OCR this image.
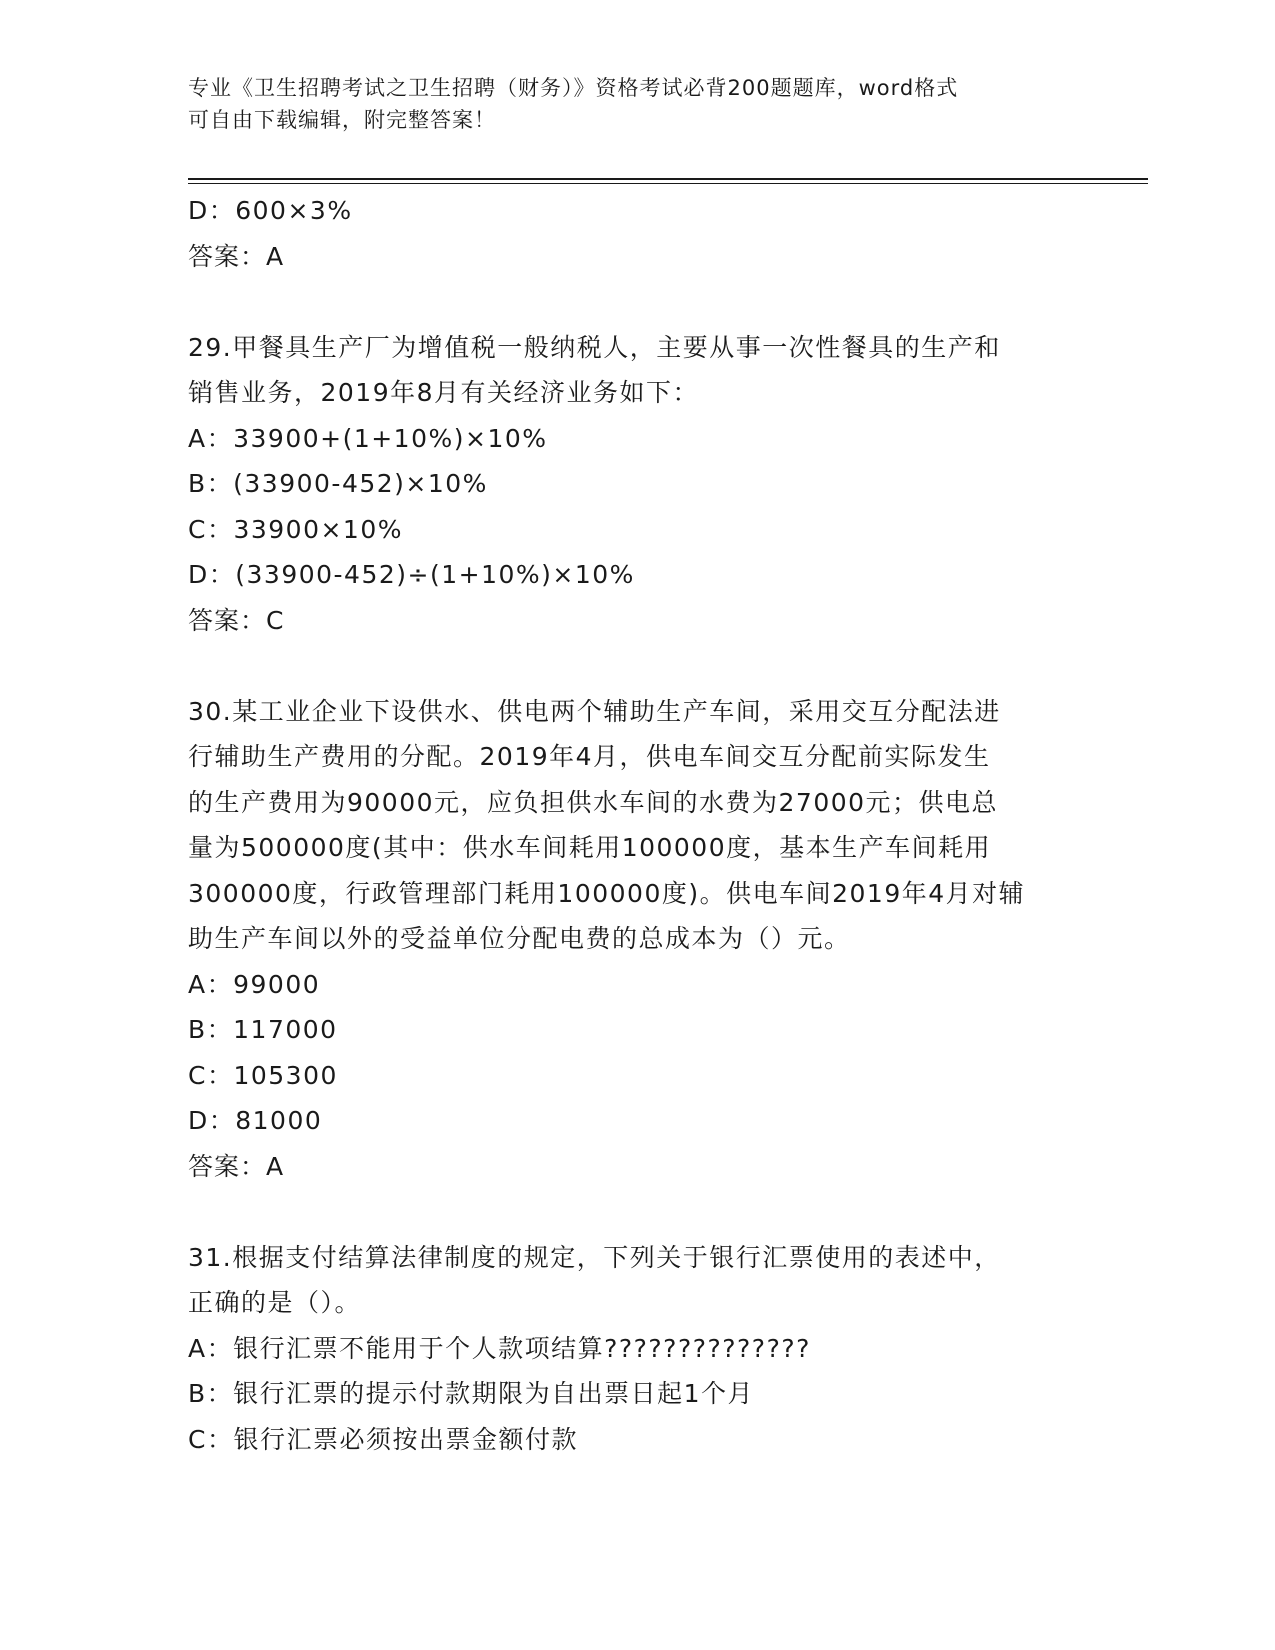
专业《卫生招聘考试之卫生招聘（财务）》资格考试必背200题题库，word格式
可自由下载编辑，附完整答案！
D：600×3%
答案：A
29.甲餐具生产厂为增值税一般纳税人，主要从事一次性餐具的生产和
销售业务，2019年8月有关经济业务如下：
A：33900+(1+10%)×10%
B：(33900-452)×10%
C：33900×10%
D：(33900-452)÷(1+10%)×10%
答案：C
30.某工业企业下设供水、供电两个辅助生产车间，采用交互分配法进
行辅助生产费用的分配。2019年4月，供电车间交互分配前实际发生
的生产费用为90000元，应负担供水车间的水费为27000元；供电总
量为500000度(其中：供水车间耗用100000度，基本生产车间耗用
300000度，行政管理部门耗用100000度)。供电车间2019年4月对辅
助生产车间以外的受益单位分配电费的总成本为（）元。
A：99000
B：117000
C：105300
D：81000
答案：A
31.根据支付结算法律制度的规定，下列关于银行汇票使用的表述中，
正确的是（）。
A：银行汇票不能用于个人款项结算??????????????
B：银行汇票的提示付款期限为自出票日起1个月
C：银行汇票必须按出票金额付款
